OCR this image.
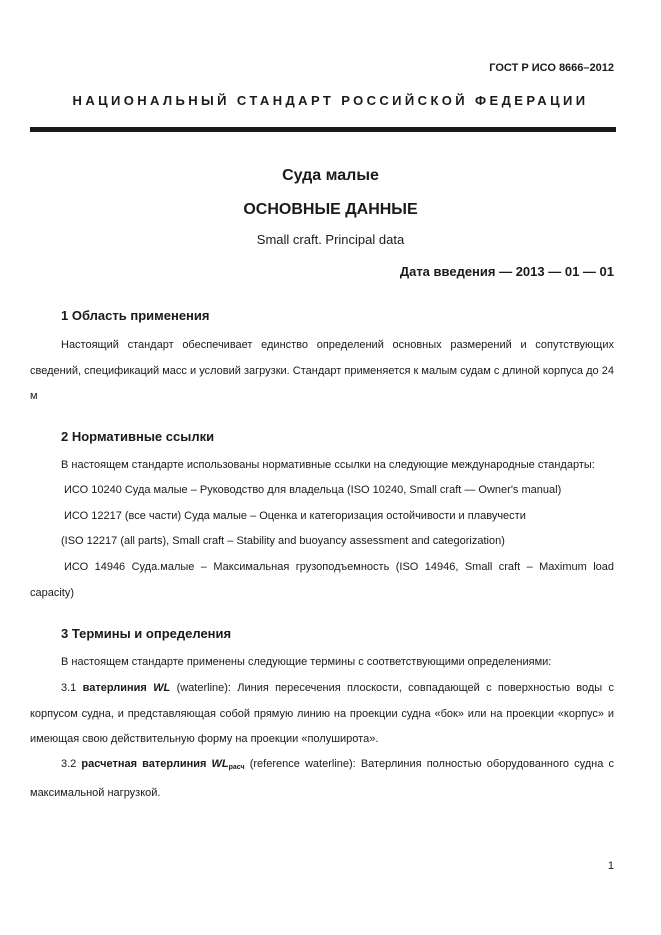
ГОСТ Р ИСО 8666–2012
НАЦИОНАЛЬНЫЙ СТАНДАРТ РОССИЙСКОЙ ФЕДЕРАЦИИ
Суда малые
ОСНОВНЫЕ ДАННЫЕ
Small craft. Principal data
Дата введения — 2013 — 01 — 01
1 Область применения

Настоящий стандарт обеспечивает единство определений основных размерений и сопутствующих сведений, спецификаций масс и условий загрузки. Стандарт применяется к малым судам с длиной корпуса до 24 м

2 Нормативные ссылки
В настоящем стандарте использованы нормативные ссылки на следующие международные стандарты:
ИСО 10240 Суда малые – Руководство для владельца (ISO 10240, Small craft — Owner's manual)
ИСО 12217 (все части) Суда малые – Оценка и категоризация остойчивости и плавучести
(ISO 12217 (all parts), Small craft – Stability and buoyancy assessment and categorization)

ИСО 14946 Суда.малые – Максимальная грузоподъемность (ISO 14946, Small craft – Maximum load capacity)

3 Термины и определения
В настоящем стандарте применены следующие термины с соответствующими определениями:

3.1 ватерлиния WL (waterline): Линия пересечения плоскости, совпадающей с поверхностью воды с корпусом судна, и представляющая собой прямую линию на проекции судна «бок» или на проекции «корпус» и имеющая свою действительную форму на проекции «полуширота».

3.2 расчетная ватерлиния $WL_{расч}$ (reference waterline): Ватерлиния полностью оборудованного судна с максимальной нагрузкой.

1
